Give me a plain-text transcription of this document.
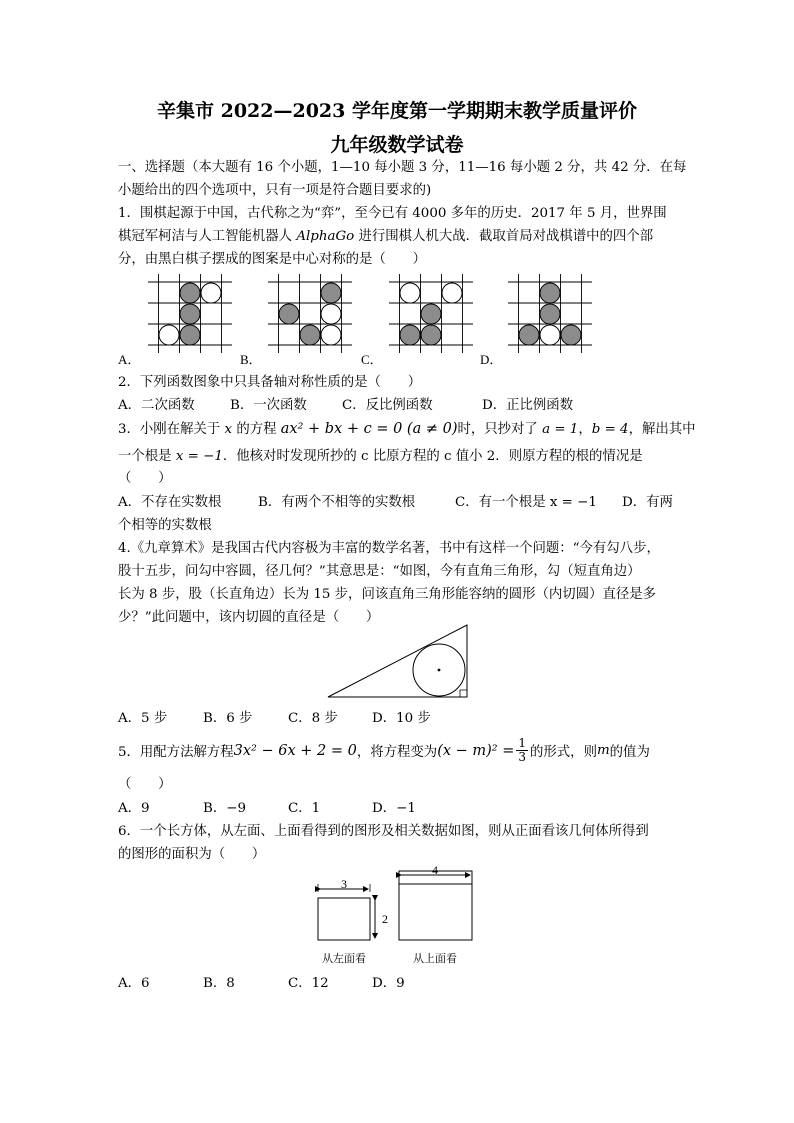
辛集市 2022—2023 学年度第一学期期末教学质量评价
九年级数学试卷
一、选择题（本大题有 16 个小题，1—10 每小题 3 分，11—16 每小题 2 分，共 42 分．在每
小题给出的四个选项中，只有一项是符合题目要求的)
1．围棋起源于中国，古代称之为“弈”，至今已有 4000 多年的历史．2017 年 5 月，世界围
棋冠军柯洁与人工智能机器人 AlphaGo 进行围棋人机大战．截取首局对战棋谱中的四个部
分，由黑白棋子摆成的图案是中心对称的是（　　）
A．	B．	C．	D．
2．下列函数图象中只具备轴对称性质的是（　　）
A．二次函数	B．一次函数	C．反比例函数	D．正比例函数
3．小刚在解关于 x 的方程 ax² + bx + c = 0 (a ≠ 0)时，只抄对了 a = 1，b = 4，解出其中
一个根是 x = −1．他核对时发现所抄的 c 比原方程的 c 值小 2．则原方程的根的情况是
（　　）
A．不存在实数根	B．有两个不相等的实数根	C．有一个根是 x = −1 D．有两
个相等的实数根
4.《九章算术》是我国古代内容极为丰富的数学名著，书中有这样一个问题：“今有勾八步，
股十五步，问勾中容圆，径几何？”其意思是：“如图，今有直角三角形，勾（短直角边）
长为 8 步，股（长直角边）长为 15 步，问该直角三角形能容纳的圆形（内切圆）直径是多
少？”此问题中，该内切圆的直径是（　　）
A．5 步	B．6 步	C．8 步	D．10 步
5．用配方法解方程 3x² − 6x + 2 = 0 ，将方程变为 $(x - m)^2 = \frac{1}{3}$ 的形式，则 m 的值为
（　　）
A．9	B．−9	C．1	D．−1
6．一个长方体，从左面、上面看得到的图形及相关数据如图，则从正面看该几何体所得到
的图形的面积为（　　）
3
2
从左面看
4
从上面看
A．6	B．8	C．12	D．9
